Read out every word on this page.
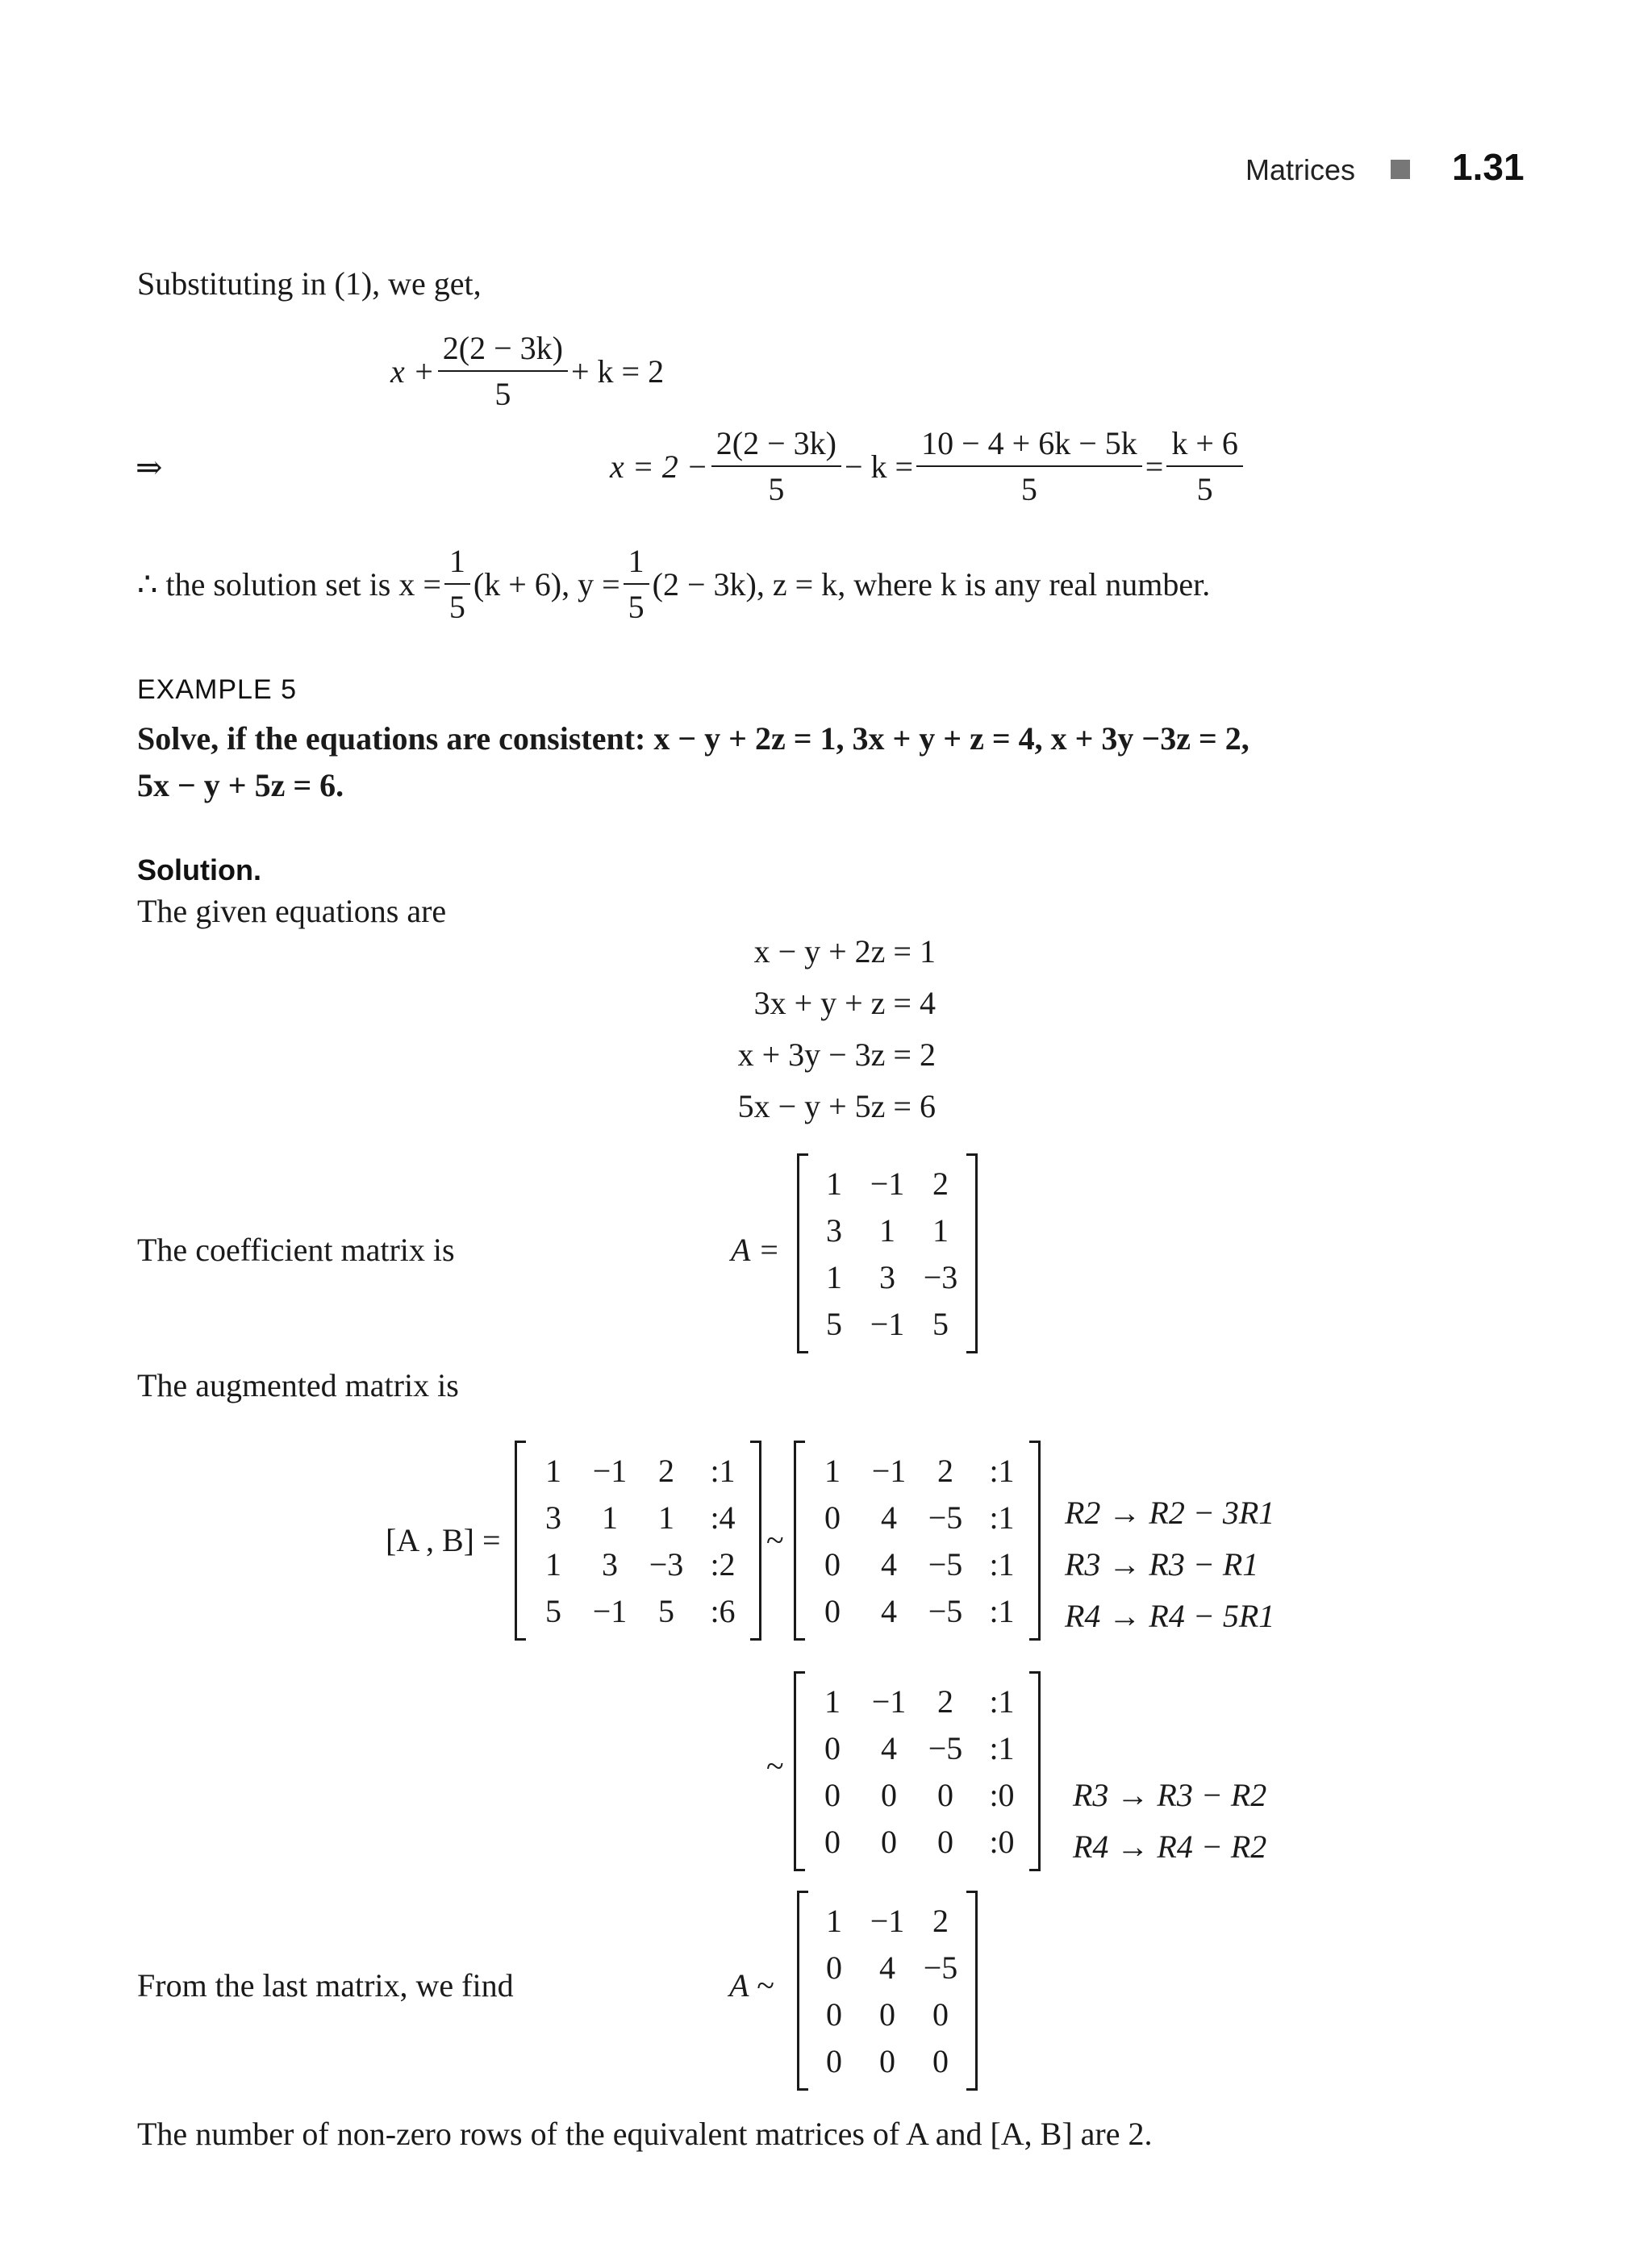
Matrices	1.31
Substituting in (1), we get,
$x + \frac{2(2 - 3k)}{5} + k = 2$
⇒	$x = 2 - \frac{2(2 - 3k)}{5} - k = \frac{10 - 4 + 6k - 5k}{5} = \frac{k + 6}{5}$
∴ the solution set is $x = \frac{1}{5} (k + 6)$, $y = \frac{1}{5} (2 - 3k)$, z = k , where k is any real number.
EXAMPLE 5
Solve, if the equations are consistent: x − y + 2z = 1, 3x + y + z = 4, x + 3y −3z = 2,
5x − y + 5z = 6.
Solution.
The given equations are
x − y + 2z = 1
3x + y + z = 4
x + 3y − 3z = 2
5x − y + 5z = 6
The coefficient matrix is	A =
1 −1 2
3	1	1
1	3 −3
5 −1 5
The augmented matrix is
[A , B] =
1 −1 2	:1
3	1	1	:4
1	3 −3 :2
5 −1 5	:6
~
1 −1 2	:1
0	4 −5 :1
0	4 −5 :1
0	4 −5 :1
R2 → R2 − 3R1
R3 → R3 − R1
R4 → R4 − 5R1
~
1 −1 2	:1
0	4 −5 :1
0	0	0	:0
0	0	0	:0
R3 → R3 − R2
R4 → R4 − R2
From the last matrix, we find	A ~
1 −1 2
0	4 −5
0	0	0
0	0	0
The number of non-zero rows of the equivalent matrices of A and [A, B] are 2.
